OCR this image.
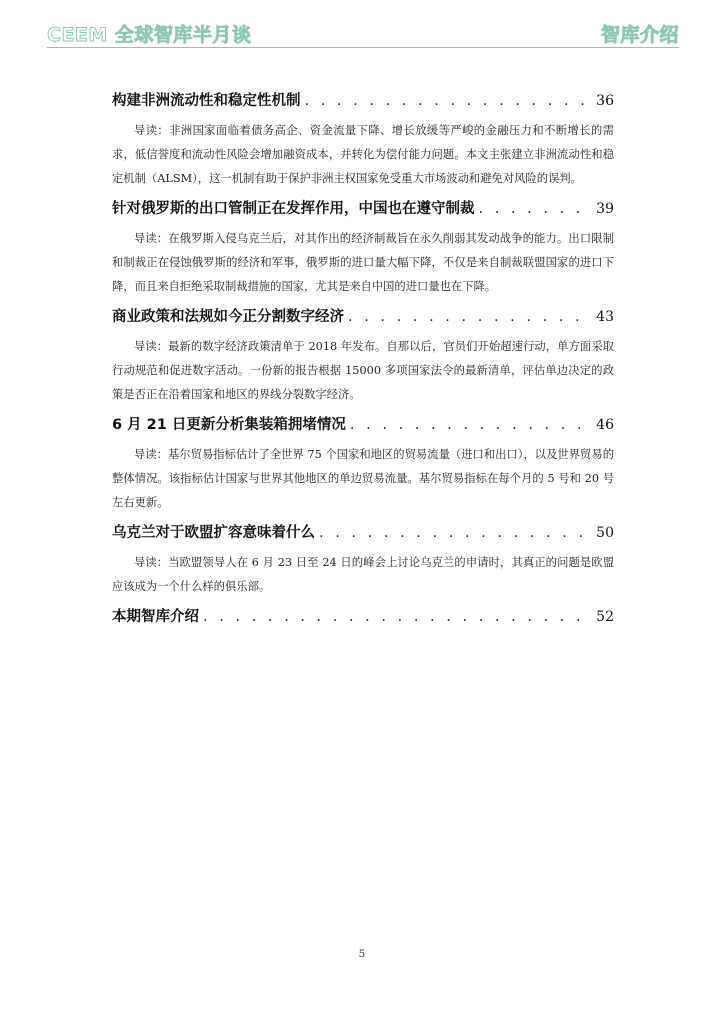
CEEM 全球智库半月谈	智库介绍
构建非洲流动性和稳定性机制 . . .	36

导读：非洲国家面临着债务高企、资金流量下降、增长放缓等严峻的金融压力和不断增长的需求，低信誉度和流动性风险会增加融资成本，并转化为偿付能力问题。本文主张建立非洲流动性和稳定机制（ALSM），这一机制有助于保护非洲主权国家免受重大市场波动和避免对风险的误判。

针对俄罗斯的出口管制正在发挥作用，中国也在遵守制裁 . . .	39

导读：在俄罗斯入侵乌克兰后，对其作出的经济制裁旨在永久削弱其发动战争的能力。出口限制和制裁正在侵蚀俄罗斯的经济和军事，俄罗斯的进口量大幅下降，不仅是来自制裁联盟国家的进口下降，而且来自拒绝采取制裁措施的国家，尤其是来自中国的进口量也在下降。

商业政策和法规如今正分割数字经济 . . .	43

导读：最新的数字经济政策清单于 2018 年发布。自那以后，官员们开始超速行动，单方面采取行动规范和促进数字活动。一份新的报告根据 15000 多项国家法令的最新清单，评估单边决定的政策是否正在沿着国家和地区的界线分裂数字经济。

6 月 21 日更新分析集装箱拥堵情况 . . .	46

导读：基尔贸易指标估计了全世界 75 个国家和地区的贸易流量（进口和出口），以及世界贸易的整体情况。该指标估计国家与世界其他地区的单边贸易流量。基尔贸易指标在每个月的 5 号和 20 号左右更新。

乌克兰对于欧盟扩容意味着什么 . . .	50

导读：当欧盟领导人在 6 月 23 日至 24 日的峰会上讨论乌克兰的申请时，其真正的问题是欧盟应该成为一个什么样的俱乐部。

本期智库介绍 . . .	52
5
